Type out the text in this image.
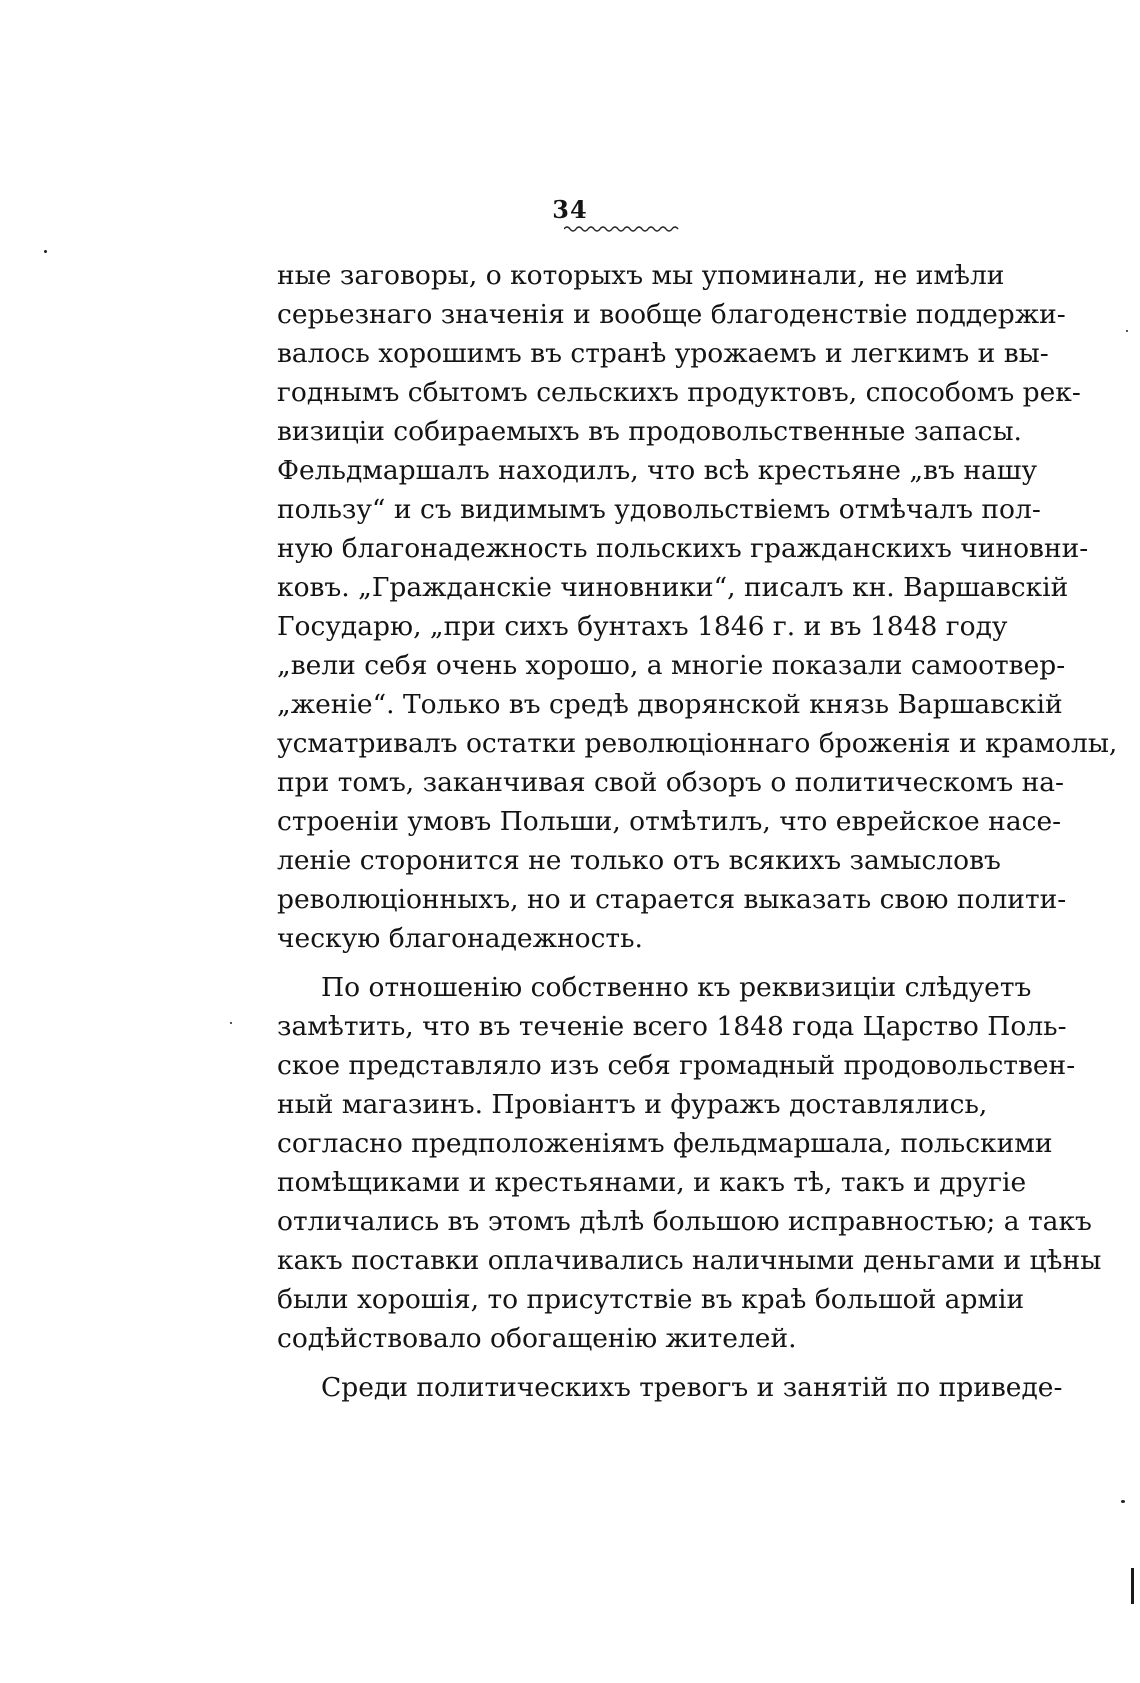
34
ные заговоры, о которыхъ мы упоминали, не имѣли
серьезнаго значенія и вообще благоденствіе поддержи-
валось хорошимъ въ странѣ урожаемъ и легкимъ и вы-
годнымъ сбытомъ сельскихъ продуктовъ, способомъ рек-
визиціи собираемыхъ въ продовольственные запасы.
Фельдмаршалъ находилъ, что всѣ крестьяне „въ нашу
пользу“ и съ видимымъ удовольствіемъ отмѣчалъ пол-
ную благонадежность польскихъ гражданскихъ чиновни-
ковъ. „Гражданскіе чиновники“, писалъ кн. Варшавскій
Государю, „при сихъ бунтахъ 1846 г. и въ 1848 году
„вели себя очень хорошо, а многіе показали самоотвер-
„женіе“. Только въ средѣ дворянской князь Варшавскій
усматривалъ остатки революціоннаго броженія и крамолы,
при томъ, заканчивая свой обзоръ о политическомъ на-
строеніи умовъ Польши, отмѣтилъ, что еврейское насе-
леніе сторонится не только отъ всякихъ замысловъ
революціонныхъ, но и старается выказать свою полити-
ческую благонадежность.
По отношенію собственно къ реквизиціи слѣдуетъ
замѣтить, что въ теченіе всего 1848 года Царство Поль-
ское представляло изъ себя громадный продовольствен-
ный магазинъ. Провіантъ и фуражъ доставлялись,
согласно предположеніямъ фельдмаршала, польскими
помѣщиками и крестьянами, и какъ тѣ, такъ и другіе
отличались въ этомъ дѣлѣ большою исправностью; а такъ
какъ поставки оплачивались наличными деньгами и цѣны
были хорошія, то присутствіе въ краѣ большой арміи
содѣйствовало обогащенію жителей.
Среди политическихъ тревогъ и занятій по приведе-
